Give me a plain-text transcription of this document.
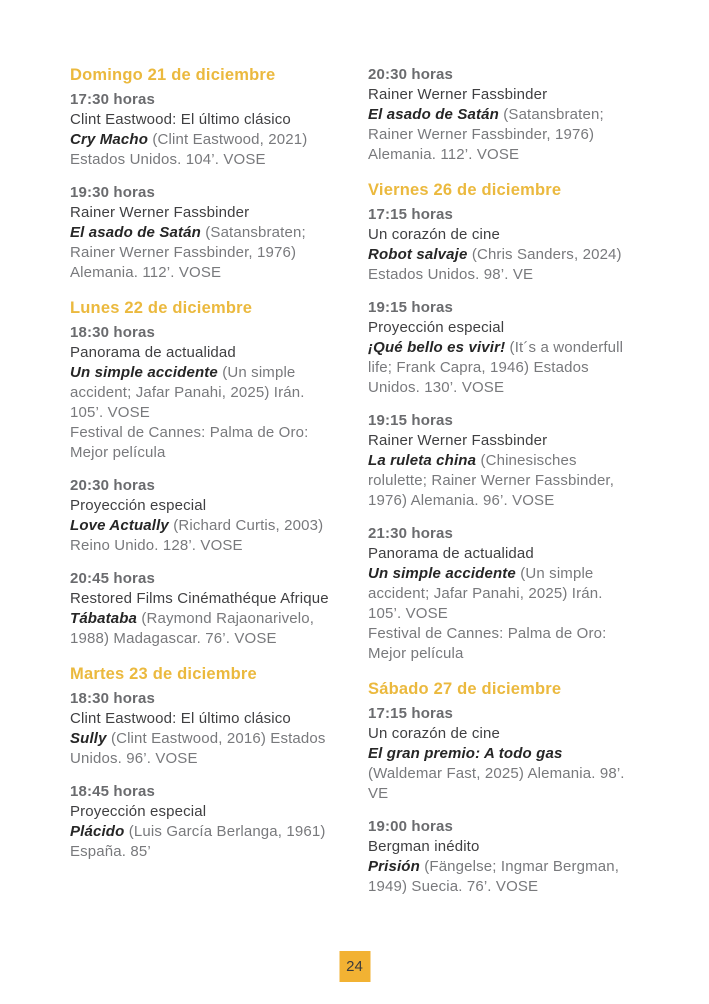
Domingo 21 de diciembre
17:30 horas
Clint Eastwood: El último clásico

Cry Macho (Clint Eastwood, 2021) Estados Unidos. 104’. VOSE

19:30 horas
Rainer Werner Fassbinder

El asado de Satán (Satansbraten; Rainer Werner Fassbinder, 1976) Alemania. 112’. VOSE

Lunes 22 de diciembre
18:30 horas
Panorama de actualidad

Un simple accidente (Un simple accident; Jafar Panahi, 2025) Irán. 105’. VOSE

Festival de Cannes: Palma de Oro: Mejor película
20:30 horas
Proyección especial

Love Actually (Richard Curtis, 2003) Reino Unido. 128’. VOSE

20:45 horas
Restored Films Cinémathéque Afrique

Tábataba (Raymond Rajaonarivelo, 1988) Madagascar. 76’. VOSE

Martes 23 de diciembre
18:30 horas
Clint Eastwood: El último clásico

Sully (Clint Eastwood, 2016) Estados Unidos. 96’. VOSE

18:45 horas
Proyección especial

Plácido (Luis García Berlanga, 1961) España. 85’

20:30 horas
Rainer Werner Fassbinder

El asado de Satán (Satansbraten; Rainer Werner Fassbinder, 1976) Alemania. 112’. VOSE

Viernes 26 de diciembre
17:15 horas
Un corazón de cine

Robot salvaje (Chris Sanders, 2024) Estados Unidos. 98’. VE

19:15 horas
Proyección especial

¡Qué bello es vivir! (It´s a wonderfull life; Frank Capra, 1946) Estados Unidos. 130’. VOSE

19:15 horas
Rainer Werner Fassbinder

La ruleta china (Chinesisches rolulette; Rainer Werner Fassbinder, 1976) Alemania. 96’. VOSE

21:30 horas
Panorama de actualidad

Un simple accidente (Un simple accident; Jafar Panahi, 2025) Irán. 105’. VOSE

Festival de Cannes: Palma de Oro: Mejor película
Sábado 27 de diciembre
17:15 horas
Un corazón de cine

El gran premio: A todo gas (Waldemar Fast, 2025) Alemania. 98’. VE

19:00 horas
Bergman inédito

Prisión (Fängelse; Ingmar Bergman, 1949) Suecia. 76’. VOSE

24
